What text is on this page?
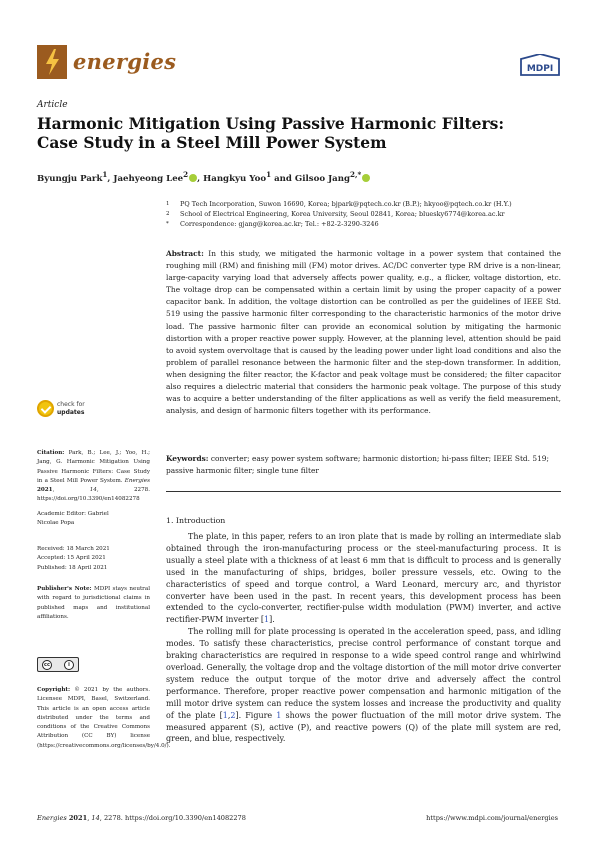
energies	MDPI
Article
Harmonic Mitigation Using Passive Harmonic Filters:
Case Study in a Steel Mill Power System
Byungju Park$^1$, Jaehyeong Lee$^2$ , Hangkyu Yoo$^1$ and Gilsoo Jang$^{2,*}$
1	PQ Tech Incorporation, Suwon 16690, Korea; bjpark@pqtech.co.kr (B.P.); hkyoo@pqtech.co.kr (H.Y.)
2	School of Electrical Engineering, Korea University, Seoul 02841, Korea; bluesky6774@korea.ac.kr
*	Correspondence: gjang@korea.ac.kr; Tel.: +82-2-3290-3246
Abstract: In this study, we mitigated the harmonic voltage in a power system that contained the roughing mill (RM) and finishing mill (FM) motor drives. AC/DC converter type RM drive is a non-linear, large-capacity varying load that adversely affects power quality, e.g., a flicker, voltage distortion, etc. The voltage drop can be compensated within a certain limit by using the proper capacity of a power capacitor bank. In addition, the voltage distortion can be controlled as per the guidelines of IEEE Std. 519 using the passive harmonic filter corresponding to the characteristic harmonics of the motor drive load. The passive harmonic filter can provide an economical solution by mitigating the harmonic distortion with a proper reactive power supply. However, at the planning level, attention should be paid to avoid system overvoltage that is caused by the leading power under light load conditions and also the problem of parallel resonance between the harmonic filter and the step-down transformer. In addition, when designing the filter reactor, the K-factor and peak voltage must be considered; the filter capacitor also requires a dielectric material that considers the harmonic peak voltage. The purpose of this study was to acquire a better understanding of the filter applications as well as verify the field measurement, analysis, and design of harmonic filters together with its performance.
Keywords: converter; easy power system software; harmonic distortion; hi-pass filter; IEEE Std. 519; passive harmonic filter; single tune filter
check for
updates
Citation: Park, B.; Lee, J.; Yoo, H.; Jang, G. Harmonic Mitigation Using Passive Harmonic Filters: Case Study in a Steel Mill Power System. Energies 2021, 14, 2278. https://doi.org/10.3390/en14082278
Academic Editor: Gabriel
Nicolae Popa
Received: 18 March 2021
Accepted: 15 April 2021
Published: 18 April 2021
Publisher's Note: MDPI stays neutral with regard to jurisdictional claims in published maps and institutional affiliations.
cc	i
Copyright: © 2021 by the authors. Licensee MDPI, Basel, Switzerland. This article is an open access article distributed under the terms and conditions of the Creative Commons Attribution (CC BY) license (https://creativecommons.org/licenses/by/4.0/).
1. Introduction

The plate, in this paper, refers to an iron plate that is made by rolling an intermediate slab obtained through the iron-manufacturing process or the steel-manufacturing process. It is usually a steel plate with a thickness of at least 6 mm that is difficult to process and is generally used in the manufacturing of ships, bridges, boiler pressure vessels, etc. Owing to the characteristics of speed and torque control, a Ward Leonard, mercury arc, and thyristor converter have been used in the past. In recent years, this development process has been extended to the cyclo-converter, rectifier-pulse width modulation (PWM) inverter, and active rectifier-PWM inverter [1].

The rolling mill for plate processing is operated in the acceleration speed, pass, and idling modes. To satisfy these characteristics, precise control performance of constant torque and braking characteristics are required in response to a wide speed control range and whirlwind overload. Generally, the voltage drop and the voltage distortion of the mill motor drive converter system reduce the output torque of the motor drive and adversely affect the control performance. Therefore, proper reactive power compensation and harmonic mitigation of the mill motor drive system can reduce the system losses and increase the productivity and quality of the plate [1,2]. Figure 1 shows the power fluctuation of the mill motor drive system. The measured apparent (S), active (P), and reactive powers (Q) of the plate mill system are red, green, and blue, respectively.

Energies 2021, 14, 2278. https://doi.org/10.3390/en14082278	https://www.mdpi.com/journal/energies
